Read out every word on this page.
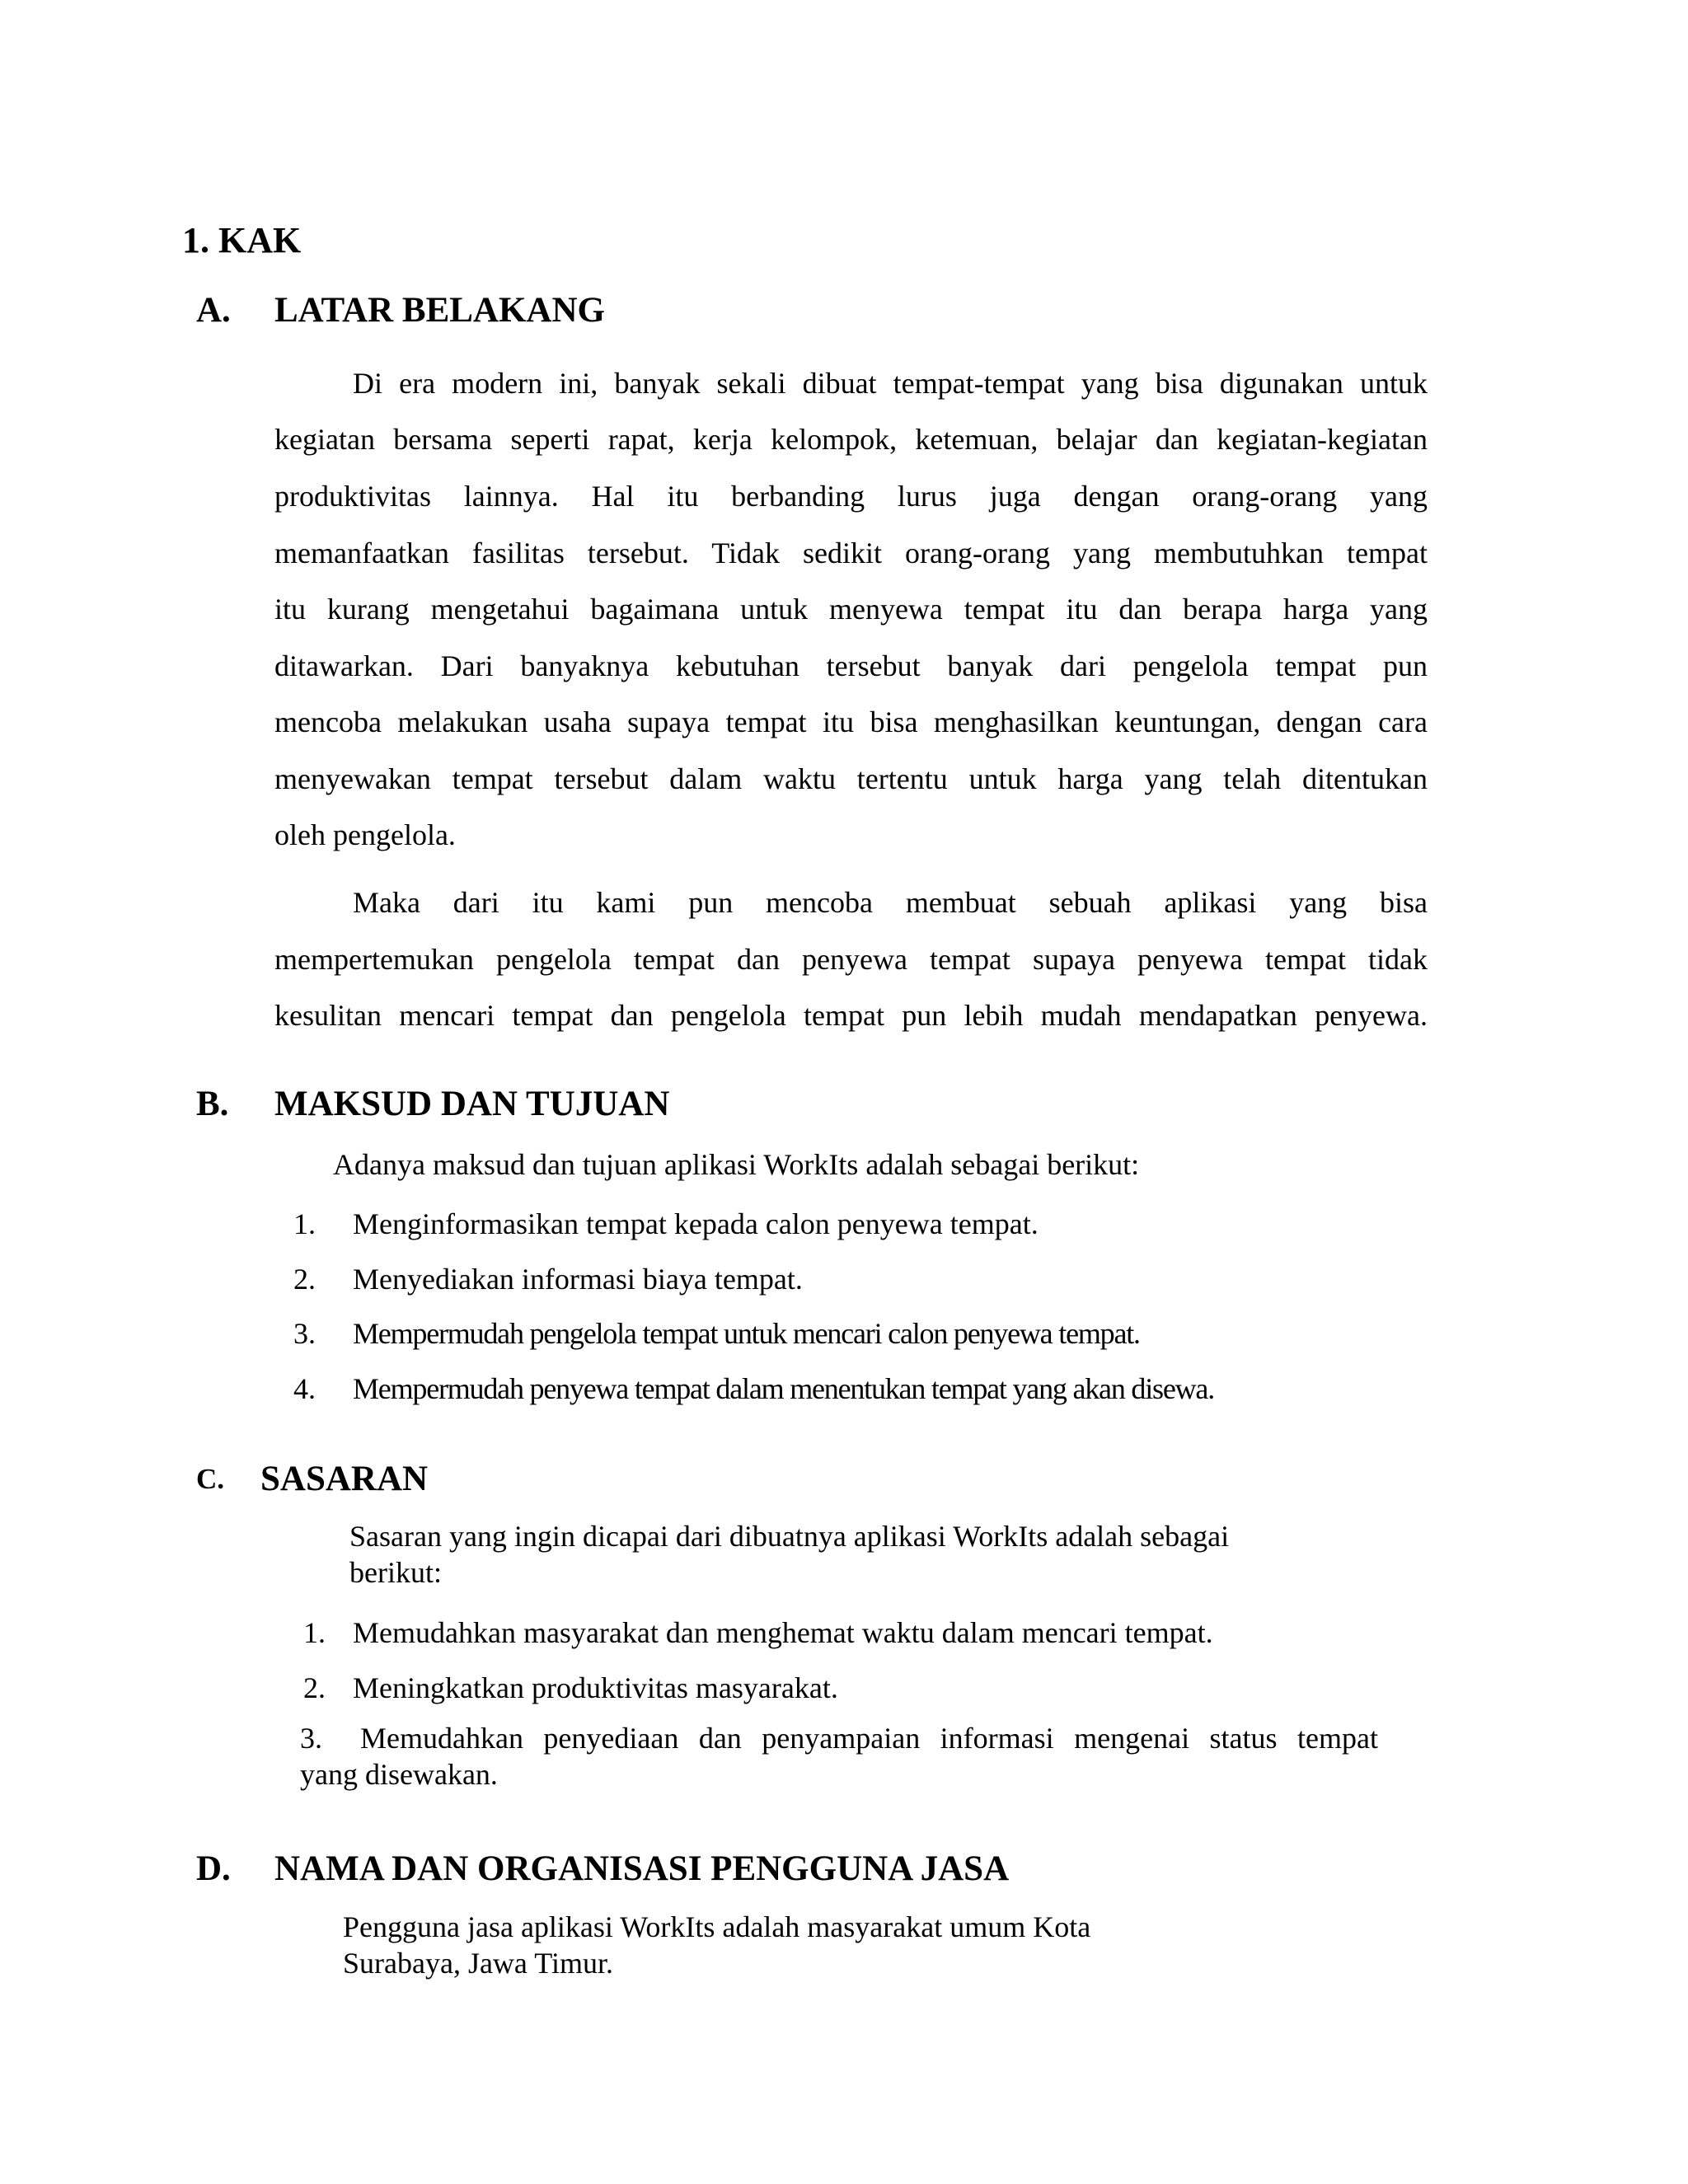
1. KAK
A. LATAR BELAKANG
Di era modern ini, banyak sekali dibuat tempat-tempat yang bisa digunakan untuk
kegiatan bersama seperti rapat, kerja kelompok, ketemuan, belajar dan kegiatan-kegiatan
produktivitas lainnya. Hal itu berbanding lurus juga dengan orang-orang yang
memanfaatkan fasilitas tersebut. Tidak sedikit orang-orang yang membutuhkan tempat
itu kurang mengetahui bagaimana untuk menyewa tempat itu dan berapa harga yang
ditawarkan. Dari banyaknya kebutuhan tersebut banyak dari pengelola tempat pun
mencoba melakukan usaha supaya tempat itu bisa menghasilkan keuntungan, dengan cara
menyewakan tempat tersebut dalam waktu tertentu untuk harga yang telah ditentukan
oleh pengelola.
Maka dari itu kami pun mencoba membuat sebuah aplikasi yang bisa
mempertemukan pengelola tempat dan penyewa tempat supaya penyewa tempat tidak
kesulitan mencari tempat dan pengelola tempat pun lebih mudah mendapatkan penyewa.
B. MAKSUD DAN TUJUAN
Adanya maksud dan tujuan aplikasi WorkIts adalah sebagai berikut:
1. Menginformasikan tempat kepada calon penyewa tempat.
2. Menyediakan informasi biaya tempat.
3. Mempermudah pengelola tempat untuk mencari calon penyewa tempat.
4. Mempermudah penyewa tempat dalam menentukan tempat yang akan disewa.
C. SASARAN
Sasaran yang ingin dicapai dari dibuatnya aplikasi WorkIts adalah sebagai
berikut:
1. Memudahkan masyarakat dan menghemat waktu dalam mencari tempat.
2. Meningkatkan produktivitas masyarakat.
3. Memudahkan penyediaan dan penyampaian informasi mengenai status tempat
yang disewakan.
D. NAMA DAN ORGANISASI PENGGUNA JASA
Pengguna jasa aplikasi WorkIts adalah masyarakat umum Kota
Surabaya, Jawa Timur.
